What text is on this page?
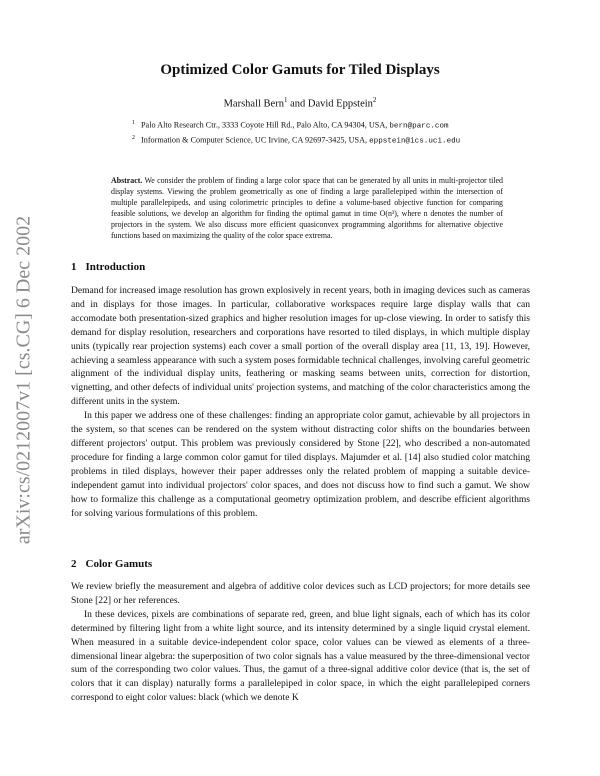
arXiv:cs/0212007v1 [cs.CG] 6 Dec 2002
Optimized Color Gamuts for Tiled Displays
Marshall Bern$^1$ and David Eppstein$^2$
$^1$ Palo Alto Research Ctr., 3333 Coyote Hill Rd., Palo Alto, CA 94304, USA, bern@parc.com
$^2$ Information & Computer Science, UC Irvine, CA 92697-3425, USA, eppstein@ics.uci.edu
Abstract. We consider the problem of finding a large color space that can be generated by all units in multi-projector tiled display systems. Viewing the problem geometrically as one of finding a large parallelepiped within the intersection of multiple parallelepipeds, and using colorimetric principles to define a volume-based objective function for comparing feasible solutions, we develop an algorithm for finding the optimal gamut in time O(n³), where n denotes the number of projectors in the system. We also discuss more efficient quasiconvex programming algorithms for alternative objective functions based on maximizing the quality of the color space extrema.
1 Introduction

Demand for increased image resolution has grown explosively in recent years, both in imaging devices such as cameras and in displays for those images. In particular, collaborative workspaces require large display walls that can accomodate both presentation-sized graphics and higher resolution images for up-close viewing. In order to satisfy this demand for display resolution, researchers and corporations have resorted to tiled displays, in which multiple display units (typically rear projection systems) each cover a small portion of the overall display area [11, 13, 19]. However, achieving a seamless appearance with such a system poses formidable technical challenges, involving careful geometric alignment of the individual display units, feathering or masking seams between units, correction for distortion, vignetting, and other defects of individual units' projection systems, and matching of the color characteristics among the different units in the system.

In this paper we address one of these challenges: finding an appropriate color gamut, achievable by all projectors in the system, so that scenes can be rendered on the system without distracting color shifts on the boundaries between different projectors' output. This problem was previously considered by Stone [22], who described a non-automated procedure for finding a large common color gamut for tiled displays. Majumder et al. [14] also studied color matching problems in tiled displays, however their paper addresses only the related problem of mapping a suitable device-independent gamut into individual projectors' color spaces, and does not discuss how to find such a gamut. We show how to formalize this challenge as a computational geometry optimization problem, and describe efficient algorithms for solving various formulations of this problem.

2 Color Gamuts

We review briefly the measurement and algebra of additive color devices such as LCD projectors; for more details see Stone [22] or her references.

In these devices, pixels are combinations of separate red, green, and blue light signals, each of which has its color determined by filtering light from a white light source, and its intensity determined by a single liquid crystal element. When measured in a suitable device-independent color space, color values can be viewed as elements of a three-dimensional linear algebra: the superposition of two color signals has a value measured by the three-dimensional vector sum of the corresponding two color values. Thus, the gamut of a three-signal additive color device (that is, the set of colors that it can display) naturally forms a parallelepiped in color space, in which the eight parallelepiped corners correspond to eight color values: black (which we denote K
